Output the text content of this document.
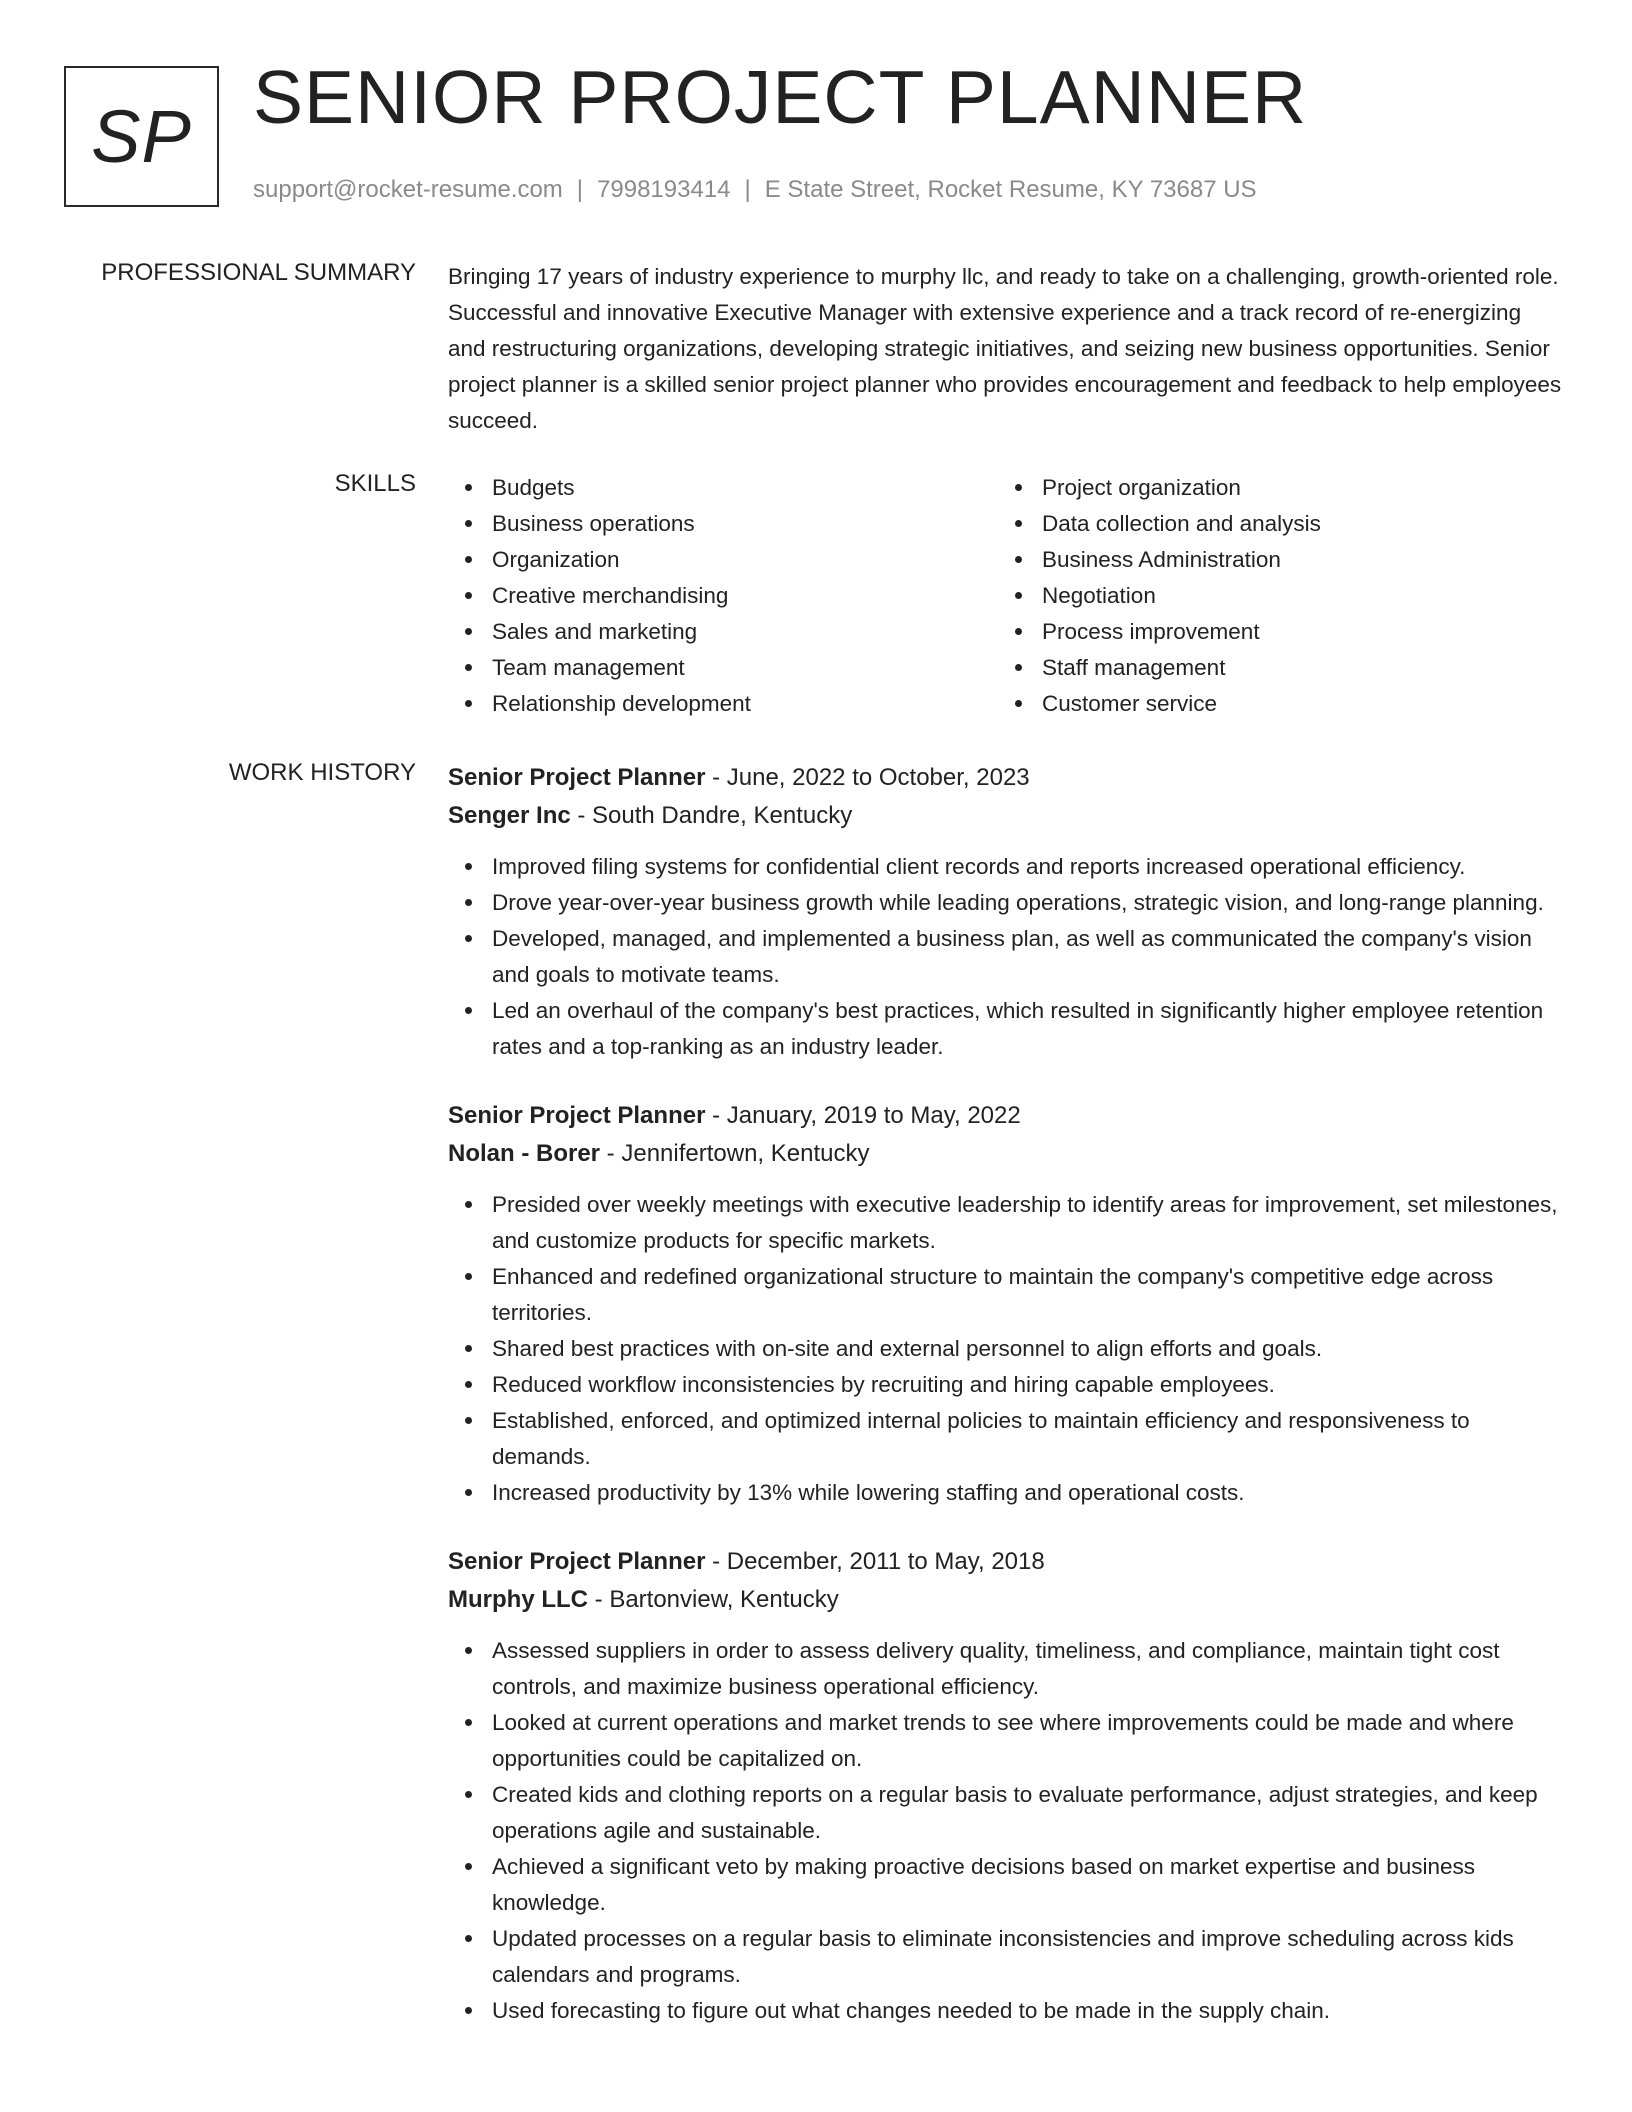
SP SENIOR PROJECT PLANNER
support@rocket-resume.com | 7998193414 | E State Street, Rocket Resume, KY 73687 US
PROFESSIONAL SUMMARY Bringing 17 years of industry experience to murphy llc, and ready to take on a challenging, growth-oriented role. Successful and innovative Executive Manager with extensive experience and a track record of re-energizing and restructuring organizations, developing strategic initiatives, and seizing new business opportunities. Senior project planner is a skilled senior project planner who provides encouragement and feedback to help employees succeed.

SKILLS	Budgets
Business operations
Organization
Creative merchandising
Sales and marketing
Team management
Relationship development
Project organization
Data collection and analysis
Business Administration
Negotiation
Process improvement
Staff management
Customer service
WORK HISTORY Senior Project Planner - June, 2022 to October, 2023
Senger Inc - South Dandre, Kentucky
Improved filing systems for confidential client records and reports increased operational efficiency.
Drove year-over-year business growth while leading operations, strategic vision, and long-range planning.
Developed, managed, and implemented a business plan, as well as communicated the company's vision and goals to motivate teams.
Led an overhaul of the company's best practices, which resulted in significantly higher employee retention rates and a top-ranking as an industry leader.
Senior Project Planner - January, 2019 to May, 2022
Nolan - Borer - Jennifertown, Kentucky
Presided over weekly meetings with executive leadership to identify areas for improvement, set milestones, and customize products for specific markets.
Enhanced and redefined organizational structure to maintain the company's competitive edge across territories.
Shared best practices with on-site and external personnel to align efforts and goals.
Reduced workflow inconsistencies by recruiting and hiring capable employees.
Established, enforced, and optimized internal policies to maintain efficiency and responsiveness to demands.
Increased productivity by 13% while lowering staffing and operational costs.
Senior Project Planner - December, 2011 to May, 2018
Murphy LLC - Bartonview, Kentucky
Assessed suppliers in order to assess delivery quality, timeliness, and compliance, maintain tight cost controls, and maximize business operational efficiency.
Looked at current operations and market trends to see where improvements could be made and where opportunities could be capitalized on.
Created kids and clothing reports on a regular basis to evaluate performance, adjust strategies, and keep operations agile and sustainable.
Achieved a significant veto by making proactive decisions based on market expertise and business knowledge.
Updated processes on a regular basis to eliminate inconsistencies and improve scheduling across kids calendars and programs.
Used forecasting to figure out what changes needed to be made in the supply chain.
